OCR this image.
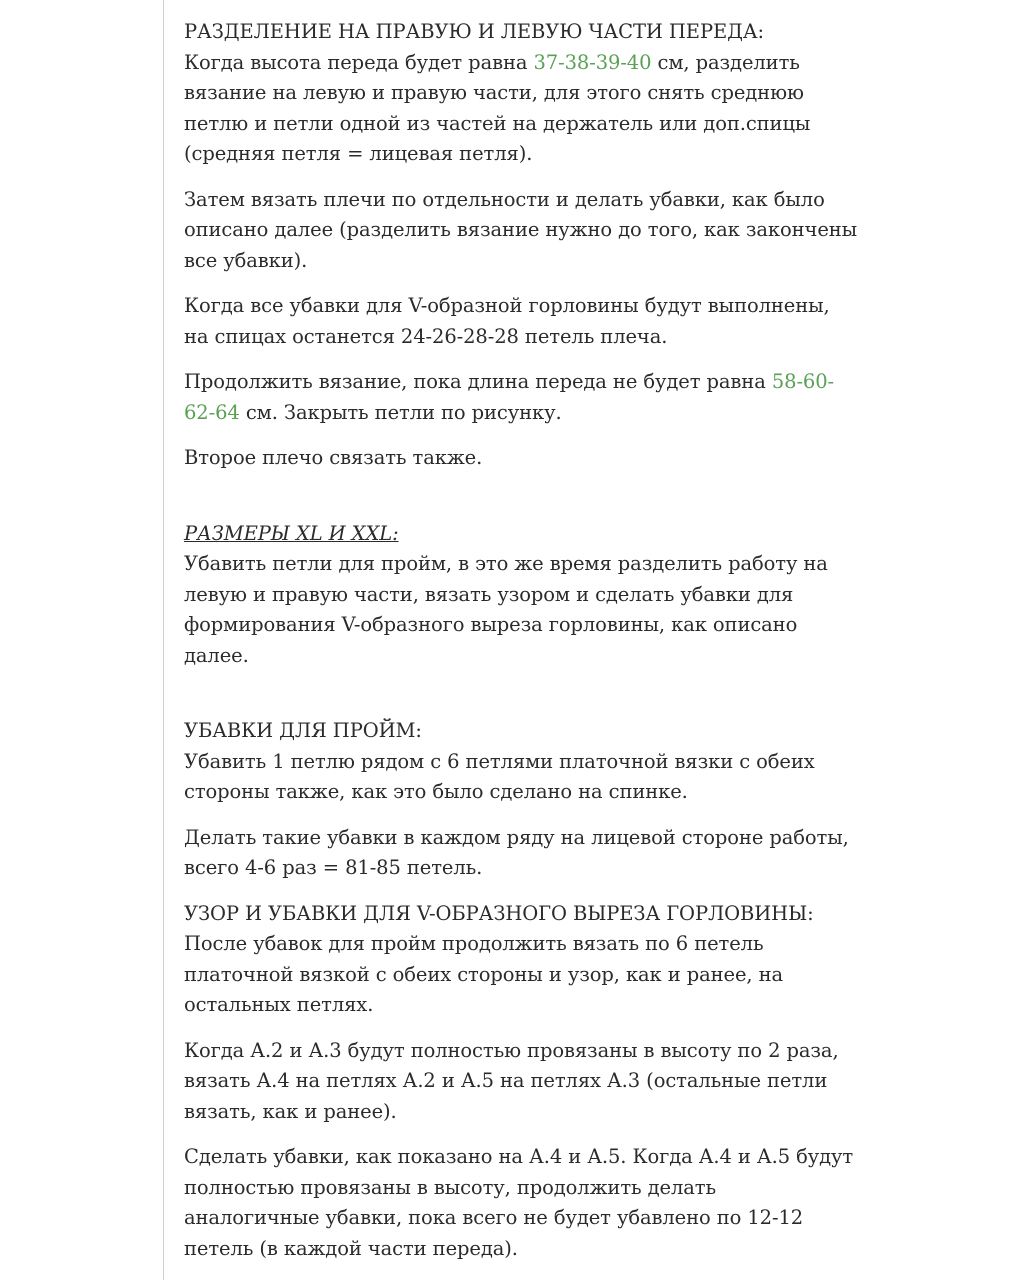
РАЗДЕЛЕНИЕ НА ПРАВУЮ И ЛЕВУЮ ЧАСТИ ПЕРЕДА:

Когда высота переда будет равна 37-38-39-40 см, разделить
вязание на левую и правую части, для этого снять среднюю
петлю и петли одной из частей на держатель или доп.спицы
(средняя петля = лицевая петля).

Затем вязать плечи по отдельности и делать убавки, как было
описано далее (разделить вязание нужно до того, как закончены
все убавки).

Когда все убавки для V-образной горловины будут выполнены,
на спицах останется 24-26-28-28 петель плеча.

Продолжить вязание, пока длина переда не будет равна 58-60-
62-64 см. Закрыть петли по рисунку.

Второе плечо связать также.

РАЗМЕРЫ XL И XXL:

Убавить петли для пройм, в это же время разделить работу на
левую и правую части, вязать узором и сделать убавки для
формирования V-образного выреза горловины, как описано
далее.

УБАВКИ ДЛЯ ПРОЙМ:

Убавить 1 петлю рядом с 6 петлями платочной вязки с обеих
стороны также, как это было сделано на спинке.

Делать такие убавки в каждом ряду на лицевой стороне работы,
всего 4-6 раз = 81-85 петель.

УЗОР И УБАВКИ ДЛЯ V-ОБРАЗНОГО ВЫРЕЗА ГОРЛОВИНЫ:

После убавок для пройм продолжить вязать по 6 петель
платочной вязкой с обеих стороны и узор, как и ранее, на
остальных петлях.

Когда А.2 и А.3 будут полностью провязаны в высоту по 2 раза,
вязать А.4 на петлях А.2 и А.5 на петлях А.3 (остальные петли
вязать, как и ранее).

Сделать убавки, как показано на А.4 и А.5. Когда А.4 и А.5 будут
полностью провязаны в высоту, продолжить делать
аналогичные убавки, пока всего не будет убавлено по 12-12
петель (в каждой части переда).
